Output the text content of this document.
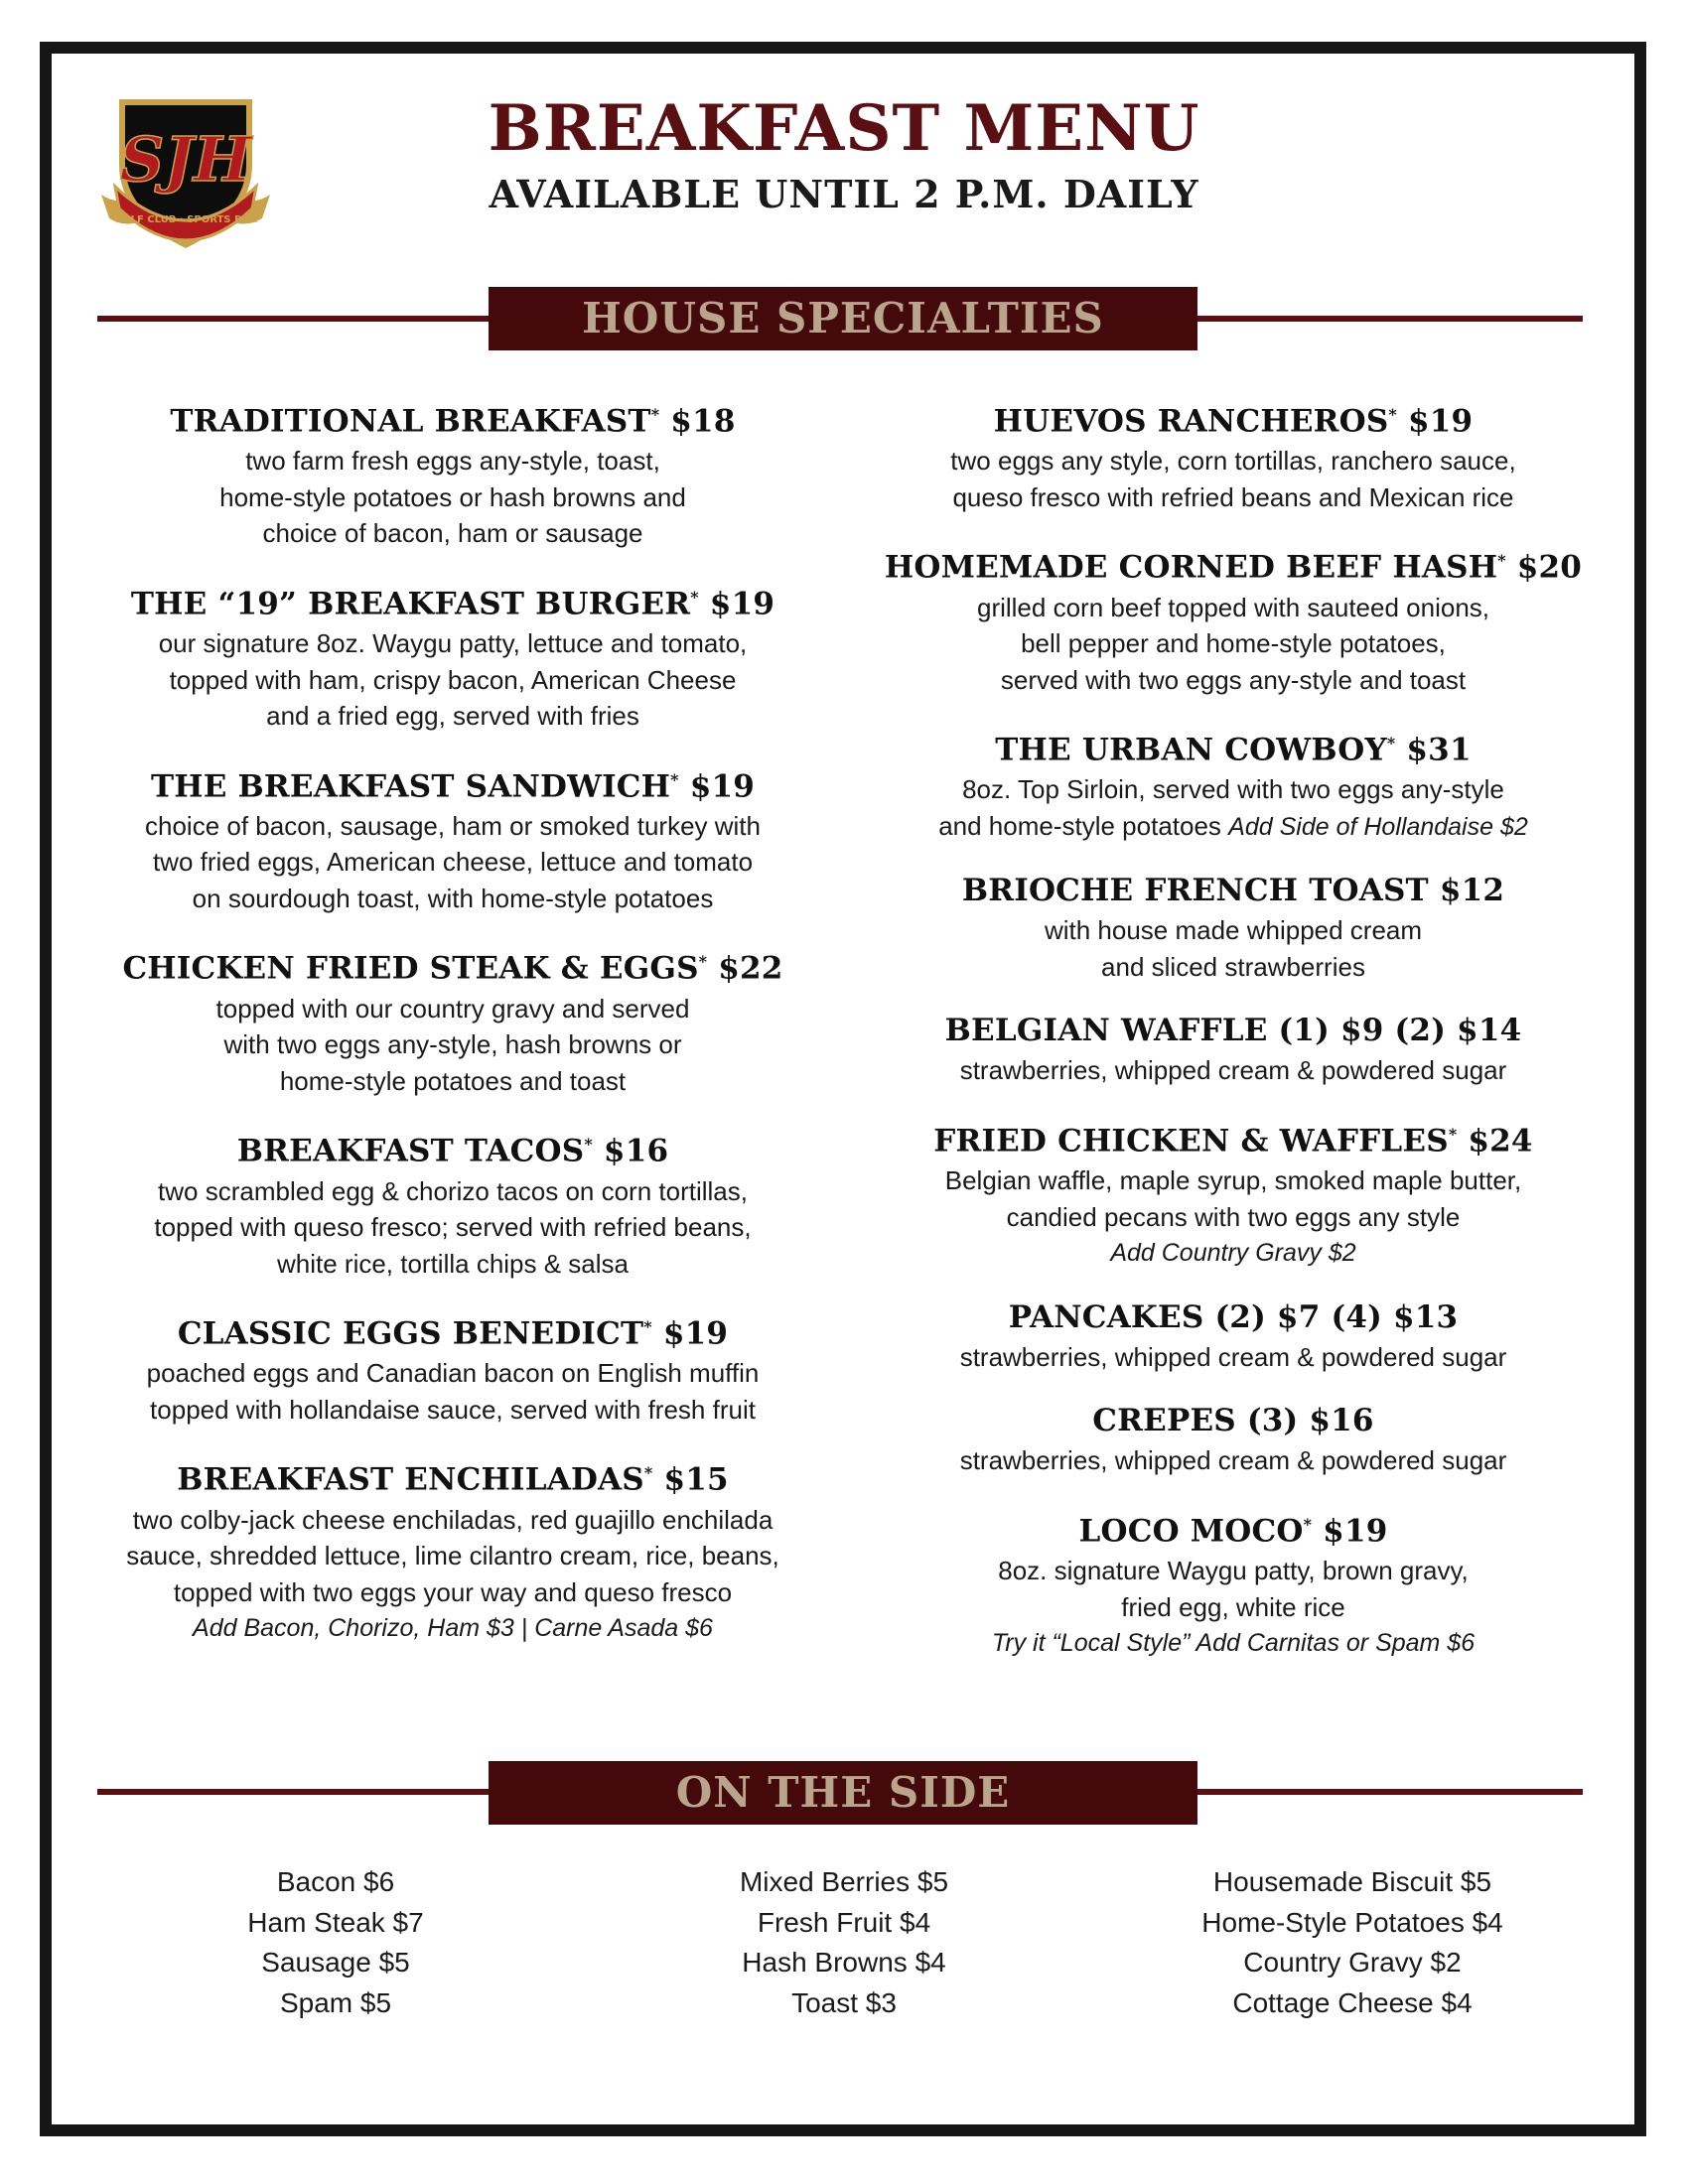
SJH
GOLF CLUB · SPORTS BAR
BREAKFAST MENU
AVAILABLE UNTIL 2 P.M. DAILY
HOUSE SPECIALTIES
TRADITIONAL BREAKFAST* $18
two farm fresh eggs any-style, toast,
home-style potatoes or hash browns and
choice of bacon, ham or sausage
THE “19” BREAKFAST BURGER* $19
our signature 8oz. Waygu patty, lettuce and tomato,
topped with ham, crispy bacon, American Cheese
and a fried egg, served with fries
THE BREAKFAST SANDWICH* $19
choice of bacon, sausage, ham or smoked turkey with
two fried eggs, American cheese, lettuce and tomato
on sourdough toast, with home-style potatoes
CHICKEN FRIED STEAK & EGGS* $22
topped with our country gravy and served
with two eggs any-style, hash browns or
home-style potatoes and toast
BREAKFAST TACOS* $16
two scrambled egg & chorizo tacos on corn tortillas,
topped with queso fresco; served with refried beans,
white rice, tortilla chips & salsa
CLASSIC EGGS BENEDICT* $19
poached eggs and Canadian bacon on English muffin
topped with hollandaise sauce, served with fresh fruit
BREAKFAST ENCHILADAS* $15
two colby-jack cheese enchiladas, red guajillo enchilada
sauce, shredded lettuce, lime cilantro cream, rice, beans,
topped with two eggs your way and queso fresco
Add Bacon, Chorizo, Ham $3 | Carne Asada $6
HUEVOS RANCHEROS* $19
two eggs any style, corn tortillas, ranchero sauce,
queso fresco with refried beans and Mexican rice
HOMEMADE CORNED BEEF HASH* $20
grilled corn beef topped with sauteed onions,
bell pepper and home-style potatoes,
served with two eggs any-style and toast
THE URBAN COWBOY* $31
8oz. Top Sirloin, served with two eggs any-style
and home-style potatoes Add Side of Hollandaise $2
BRIOCHE FRENCH TOAST $12
with house made whipped cream
and sliced strawberries
BELGIAN WAFFLE (1) $9 (2) $14
strawberries, whipped cream & powdered sugar
FRIED CHICKEN & WAFFLES* $24
Belgian waffle, maple syrup, smoked maple butter,
candied pecans with two eggs any style
Add Country Gravy $2
PANCAKES (2) $7 (4) $13
strawberries, whipped cream & powdered sugar
CREPES (3) $16
strawberries, whipped cream & powdered sugar
LOCO MOCO* $19
8oz. signature Waygu patty, brown gravy,
fried egg, white rice
Try it “Local Style” Add Carnitas or Spam $6
ON THE SIDE
Bacon $6
Ham Steak $7
Sausage $5
Spam $5
Mixed Berries $5
Fresh Fruit $4
Hash Browns $4
Toast $3
Housemade Biscuit $5
Home-Style Potatoes $4
Country Gravy $2
Cottage Cheese $4
